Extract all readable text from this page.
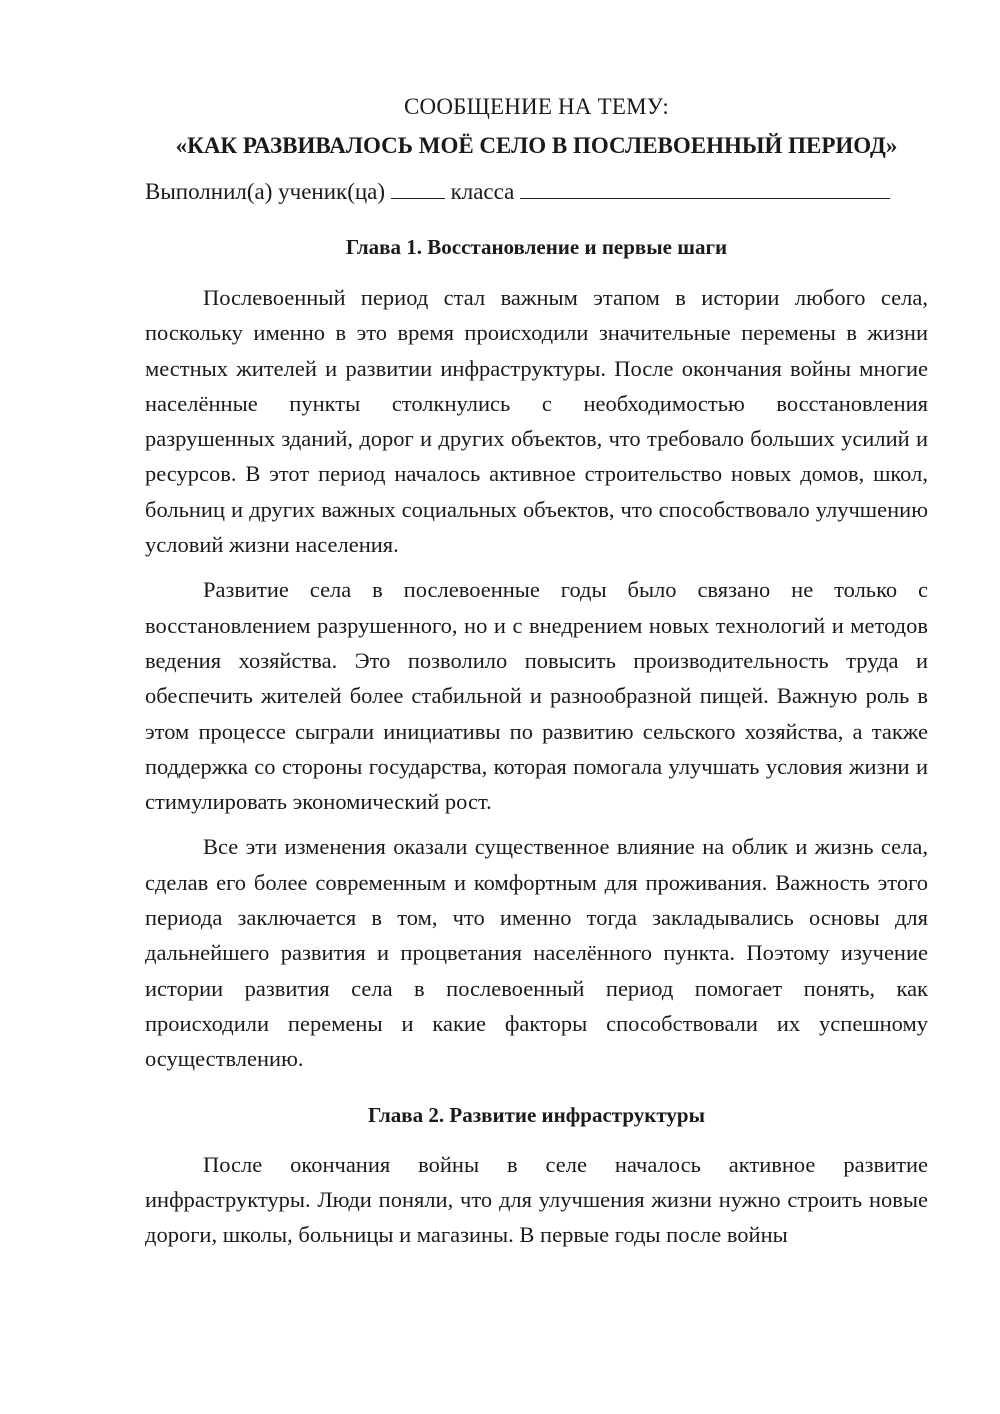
СООБЩЕНИЕ НА ТЕМУ:

«КАК РАЗВИВАЛОСЬ МОЁ СЕЛО В ПОСЛЕВОЕННЫЙ ПЕРИОД»

Выполнил(а) ученик(ца)	класса

Глава 1. Восстановление и первые шаги

Послевоенный период стал важным этапом в истории любого села, поскольку именно в это время происходили значительные перемены в жизни местных жителей и развитии инфраструктуры. После окончания войны многие населённые пункты столкнулись с необходимостью восстановления разрушенных зданий, дорог и других объектов, что требовало больших усилий и ресурсов. В этот период началось активное строительство новых домов, школ, больниц и других важных социальных объектов, что способствовало улучшению условий жизни населения.

Развитие села в послевоенные годы было связано не только с восстановлением разрушенного, но и с внедрением новых технологий и методов ведения хозяйства. Это позволило повысить производительность труда и обеспечить жителей более стабильной и разнообразной пищей. Важную роль в этом процессе сыграли инициативы по развитию сельского хозяйства, а также поддержка со стороны государства, которая помогала улучшать условия жизни и стимулировать экономический рост.

Все эти изменения оказали существенное влияние на облик и жизнь села, сделав его более современным и комфортным для проживания. Важность этого периода заключается в том, что именно тогда закладывались основы для дальнейшего развития и процветания населённого пункта. Поэтому изучение истории развития села в послевоенный период помогает понять, как происходили перемены и какие факторы способствовали их успешному осуществлению.

Глава 2. Развитие инфраструктуры

После окончания войны в селе началось активное развитие инфраструктуры. Люди поняли, что для улучшения жизни нужно строить новые дороги, школы, больницы и магазины. В первые годы после войны
